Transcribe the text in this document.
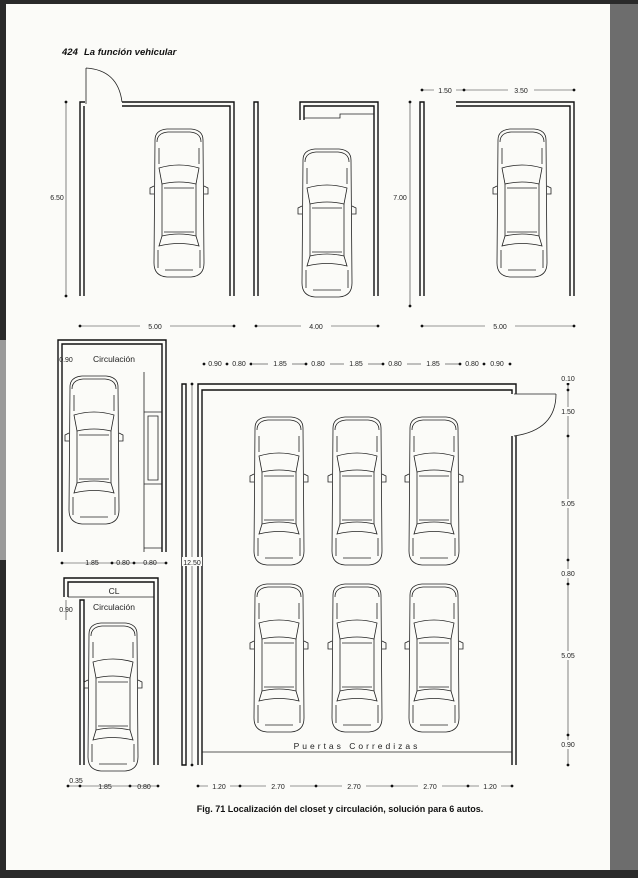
424 La función vehicular
6.50
5.00	4.00
7.00
1.50	3.50
5.00
Circulación
0.90
1.85 0.80 0.80
CL
Circulación
0.90
0.35
1.85	0.80
Puertas Corredizas
12.50
0.90 0.80	1.85	0.80	1.85	0.80	1.85	0.80 0.90
0.10
1.50
5.05
0.80
5.05
0.90
1.20	2.70	2.70	2.70	1.20
Fig. 71 Localización del closet y circulación, solución para 6 autos.
